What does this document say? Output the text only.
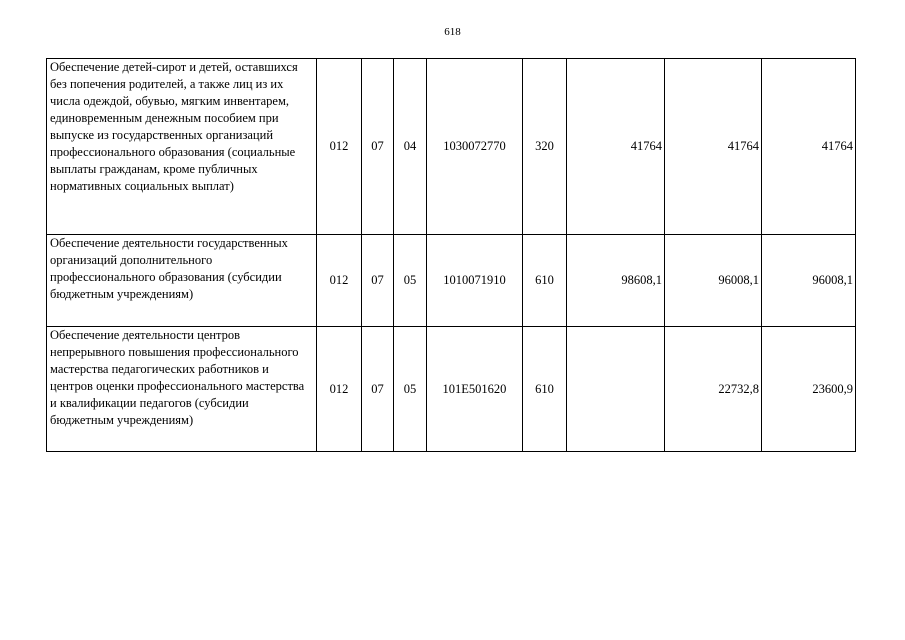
618
Обеспечение детей-сирот и детей, оставшихся без попечения родителей, а также лиц из их числа одеждой, обувью, мягким инвентарем, единовременным денежным пособием при выпуске из государственных организаций профессионального образования (социальные выплаты гражданам, кроме публичных нормативных социальных выплат)	012	07	04	1030072770	320	41764	41764	41764
Обеспечение деятельности государственных организаций дополнительного профессионального образования (субсидии бюджетным учреждениям)	012	07	05	1010071910	610	98608,1	96008,1	96008,1
Обеспечение деятельности центров непрерывного повышения профессионального мастерства педагогических работников и центров оценки профессионального мастерства и квалификации педагогов (субсидии бюджетным учреждениям)	012	07	05	101E501620	610		22732,8	23600,9
